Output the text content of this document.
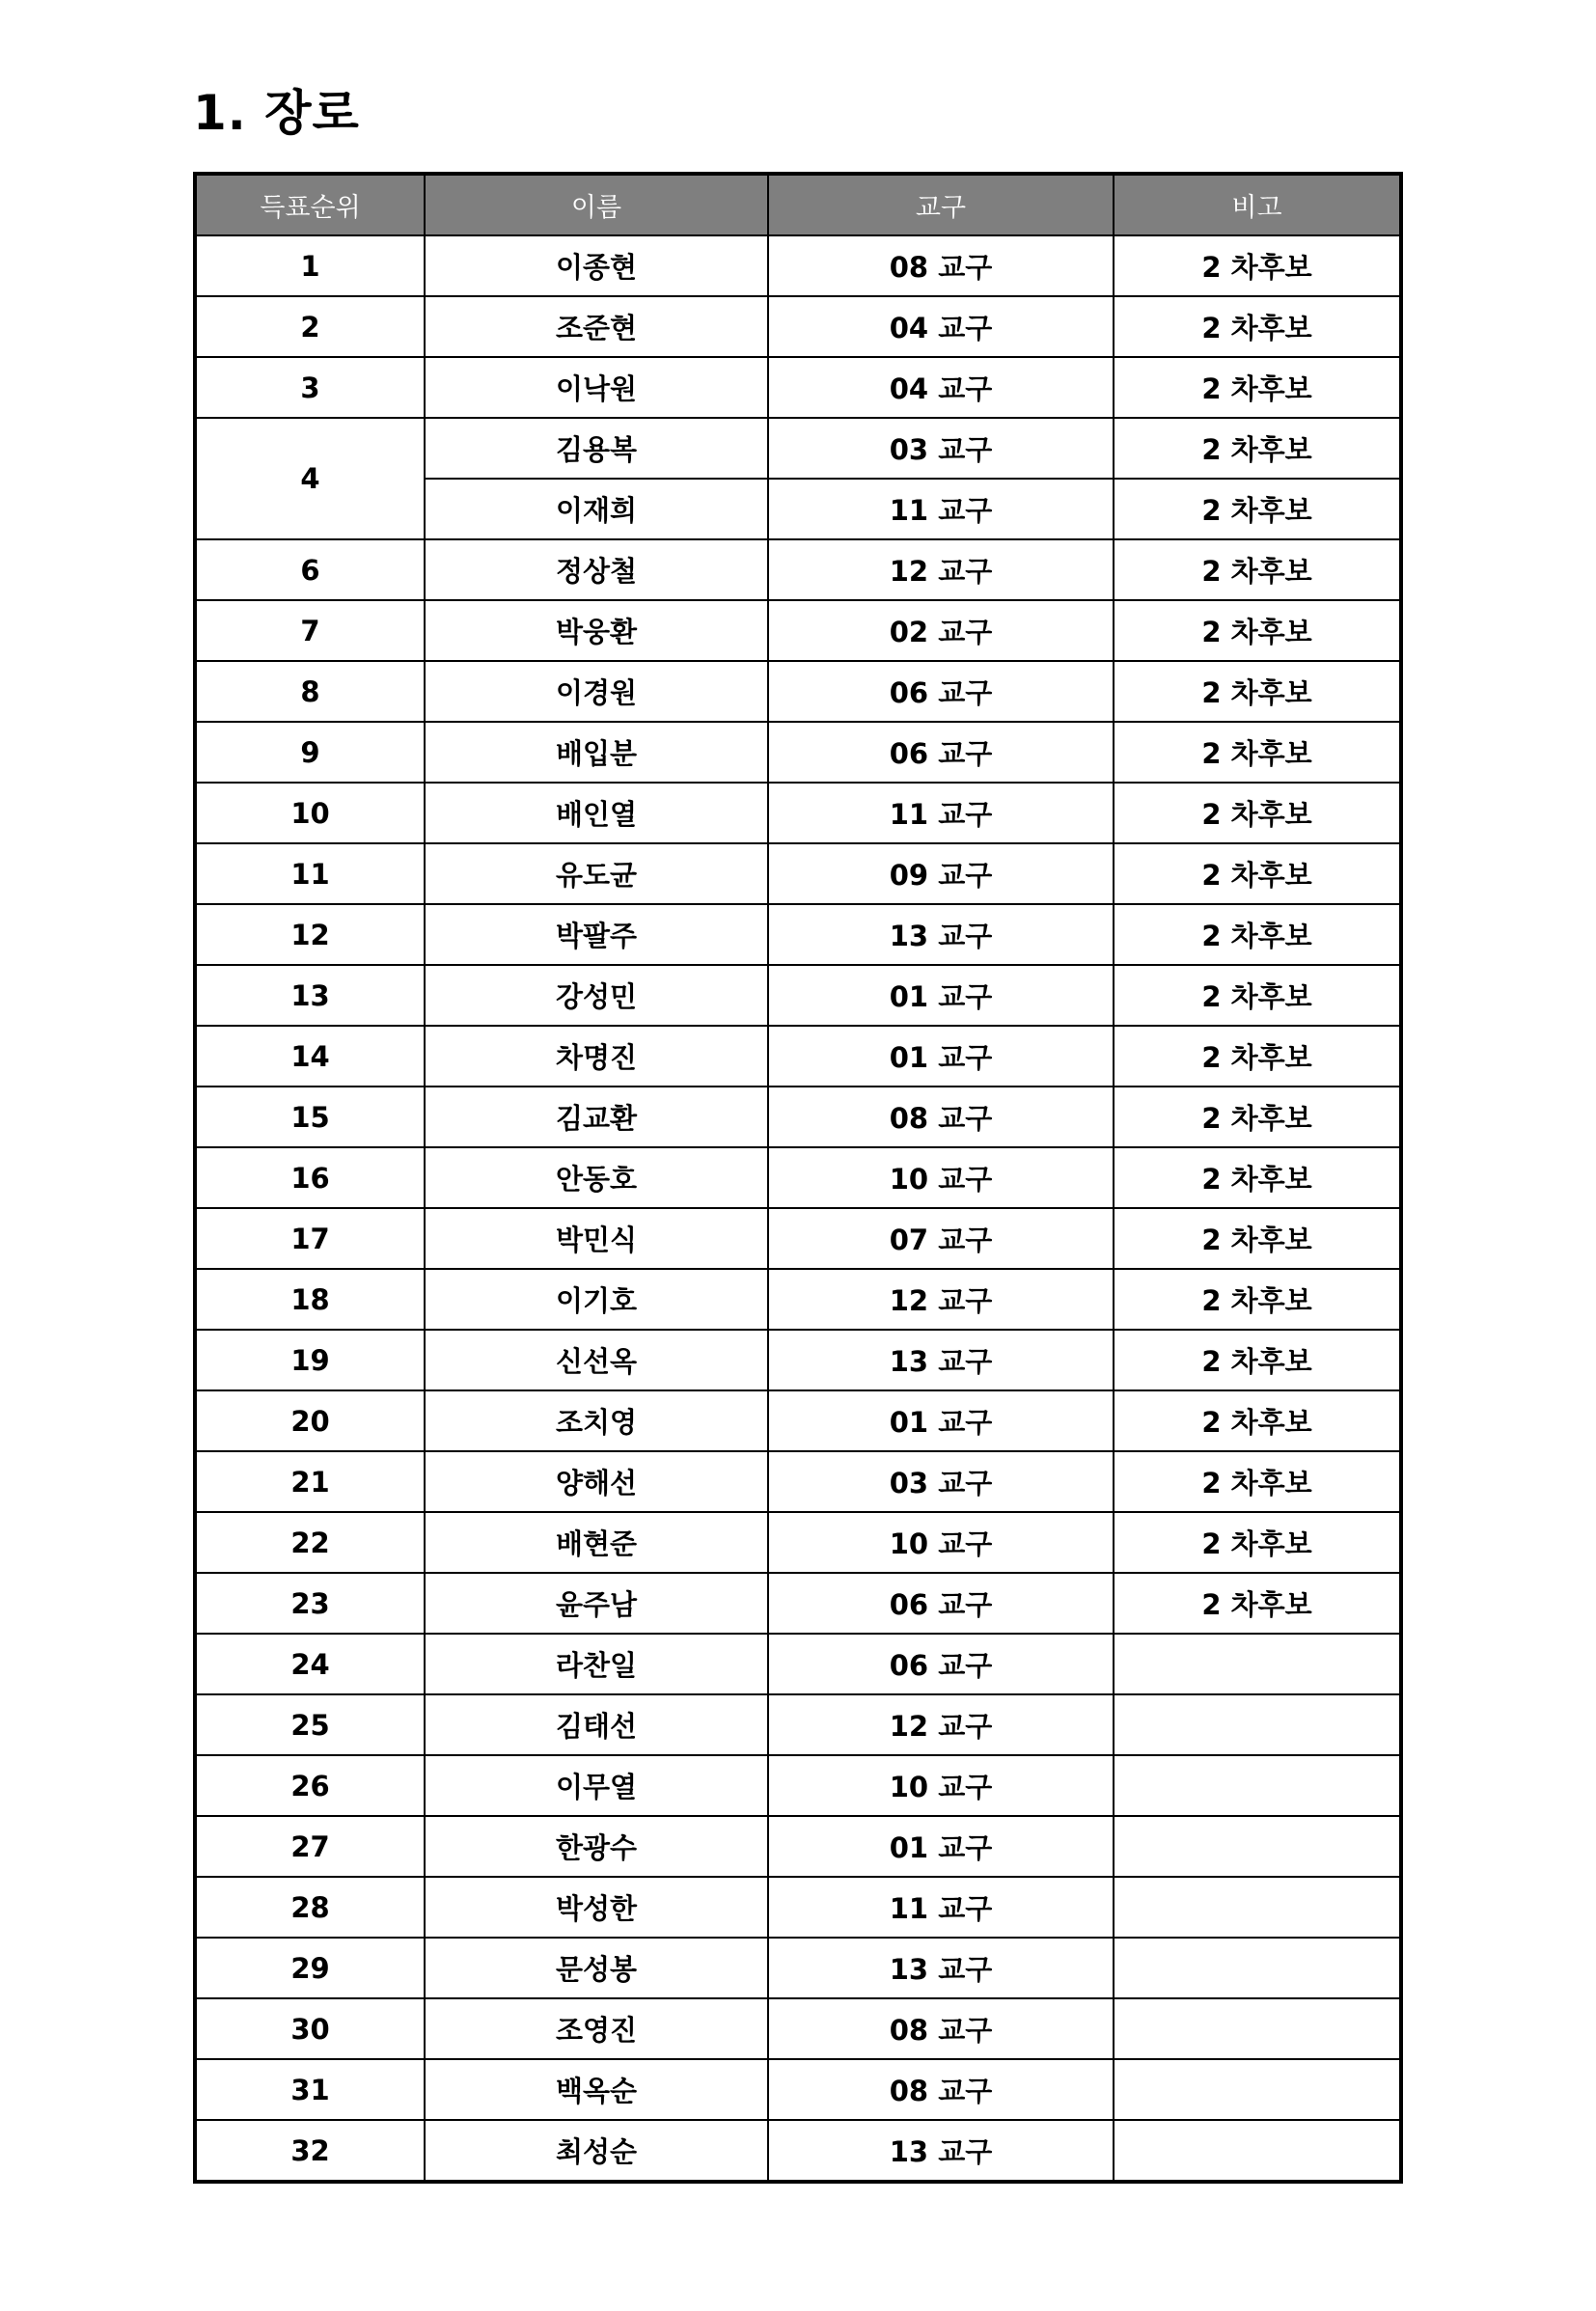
1. 장로
득표순위	이름	교구	비고
1	이종현	08 교구	2 차후보
2	조준현	04 교구	2 차후보
3	이낙원	04 교구	2 차후보
4	김용복	03 교구	2 차후보
	이재희	11 교구	2 차후보
6	정상철	12 교구	2 차후보
7	박웅환	02 교구	2 차후보
8	이경원	06 교구	2 차후보
9	배입분	06 교구	2 차후보
10	배인열	11 교구	2 차후보
11	유도균	09 교구	2 차후보
12	박팔주	13 교구	2 차후보
13	강성민	01 교구	2 차후보
14	차명진	01 교구	2 차후보
15	김교환	08 교구	2 차후보
16	안동호	10 교구	2 차후보
17	박민식	07 교구	2 차후보
18	이기호	12 교구	2 차후보
19	신선옥	13 교구	2 차후보
20	조치영	01 교구	2 차후보
21	양해선	03 교구	2 차후보
22	배현준	10 교구	2 차후보
23	윤주남	06 교구	2 차후보
24	라찬일	06 교구	
25	김태선	12 교구	
26	이무열	10 교구	
27	한광수	01 교구	
28	박성한	11 교구	
29	문성봉	13 교구	
30	조영진	08 교구	
31	백옥순	08 교구	
32	최성순	13 교구	
